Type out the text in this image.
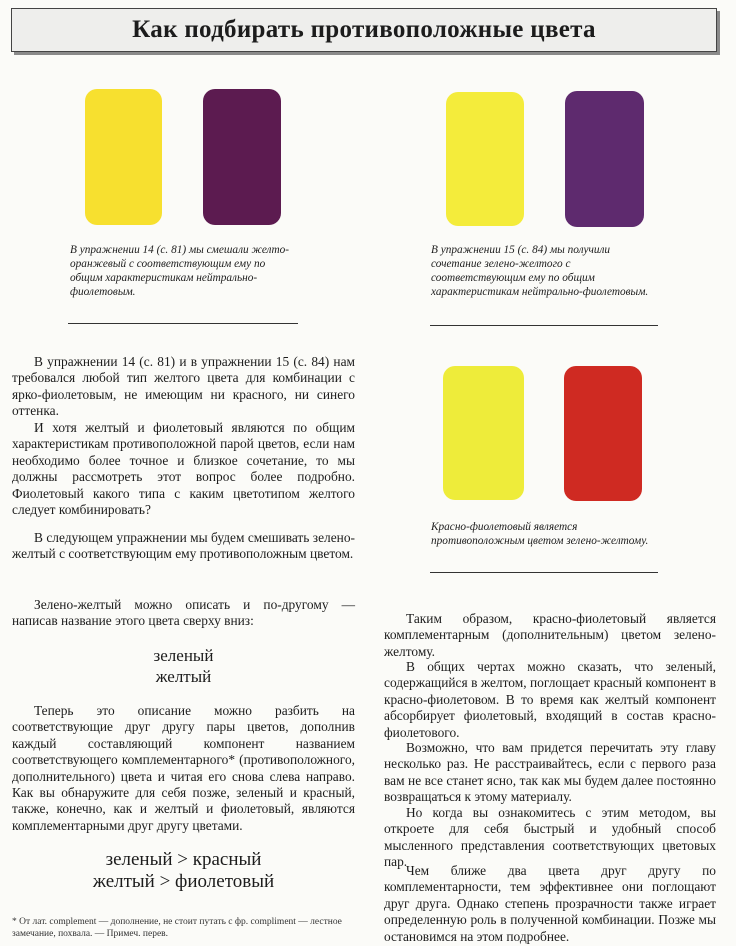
Как подбирать противоположные цвета

В упражнении 14 (с. 81) мы смешали желто-оранжевый с соответствующим ему по общим характеристикам нейтрально-фиолетовым.

В упражнении 15 (с. 84) мы получили сочетание зелено-желтого с соответствующим ему по общим характеристикам нейтрально-фиолетовым.

Красно-фиолетовый является противоположным цветом зелено-желтому.

В упражнении 14 (с. 81) и в упражнении 15 (с. 84) нам требовался любой тип желтого цвета для комбинации с ярко-фиолетовым, не имеющим ни красного, ни синего оттенка.

И хотя желтый и фиолетовый являются по общим характеристикам противоположной парой цветов, если нам необходимо более точное и близкое сочетание, то мы должны рассмотреть этот вопрос более подробно. Фиолетовый какого типа с каким цветотипом желтого следует комбинировать?

В следующем упражнении мы будем смешивать зелено-желтый с соответствующим ему противоположным цветом.

Зелено-желтый можно описать и по-другому — написав название этого цвета сверху вниз:

зеленый

желтый

Теперь это описание можно разбить на соответствующие друг другу пары цветов, дополнив каждый составляющий компонент названием соответствующего комплементарного* (противоположного, дополнительного) цвета и читая его снова слева направо. Как вы обнаружите для себя позже, зеленый и красный, также, конечно, как и желтый и фиолетовый, являются комплементарными друг другу цветами.

зеленый > красный

желтый > фиолетовый

* От лат. complement — дополнение, не стоит путать с фр. compliment — лестное замечание, похвала. — Примеч. перев.

Таким образом, красно-фиолетовый является комплементарным (дополнительным) цветом зелено-желтому.

В общих чертах можно сказать, что зеленый, содержащийся в желтом, поглощает красный компонент в красно-фиолетовом. В то время как желтый компонент абсорбирует фиолетовый, входящий в состав красно-фиолетового.

Возможно, что вам придется перечитать эту главу несколько раз. Не расстраивайтесь, если с первого раза вам не все станет ясно, так как мы будем далее постоянно возвращаться к этому материалу.

Но когда вы ознакомитесь с этим методом, вы откроете для себя быстрый и удобный способ мысленного представления соответствующих цветовых пар.

Чем ближе два цвета друг другу по комплементарности, тем эффективнее они поглощают друг друга. Однако степень прозрачности также играет определенную роль в полученной комбинации. Позже мы остановимся на этом подробнее.
